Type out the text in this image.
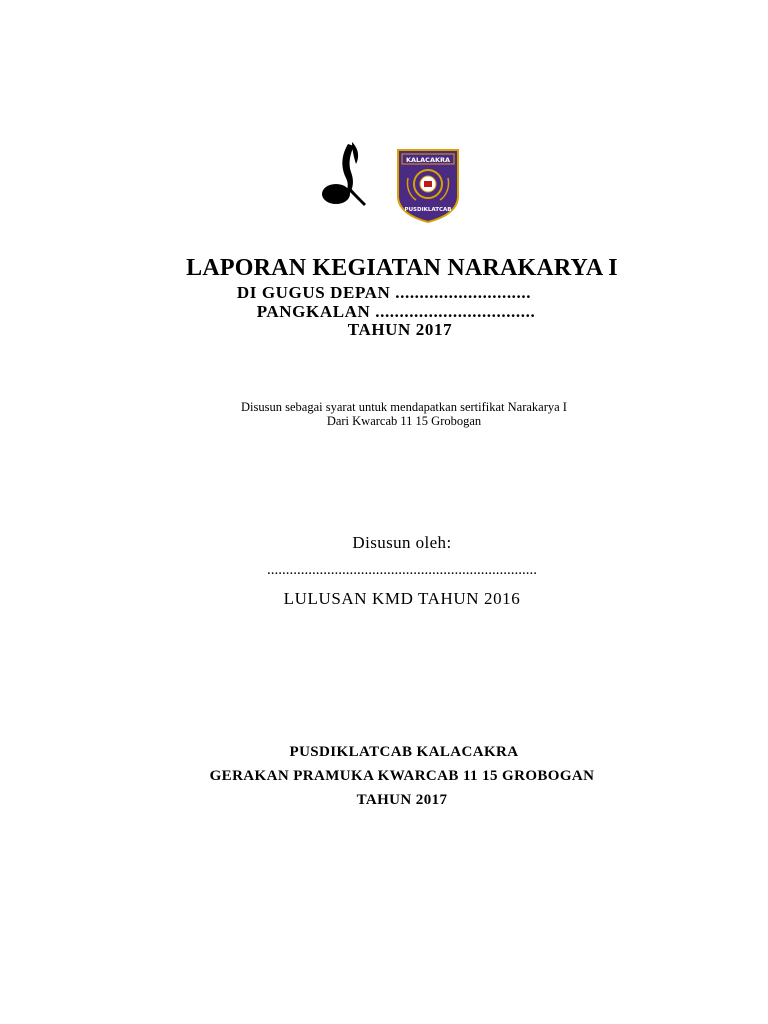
KALACAKRA
PUSDIKLATCAB
LAPORAN KEGIATAN NARAKARYA I
DI GUGUS DEPAN ............................
PANGKALAN .................................
TAHUN 2017
Disusun sebagai syarat untuk mendapatkan sertifikat Narakarya I
Dari Kwarcab 11 15 Grobogan
Disusun oleh:
........................................................................
LULUSAN KMD TAHUN 2016
PUSDIKLATCAB KALACAKRA
GERAKAN PRAMUKA KWARCAB 11 15 GROBOGAN
TAHUN 2017
